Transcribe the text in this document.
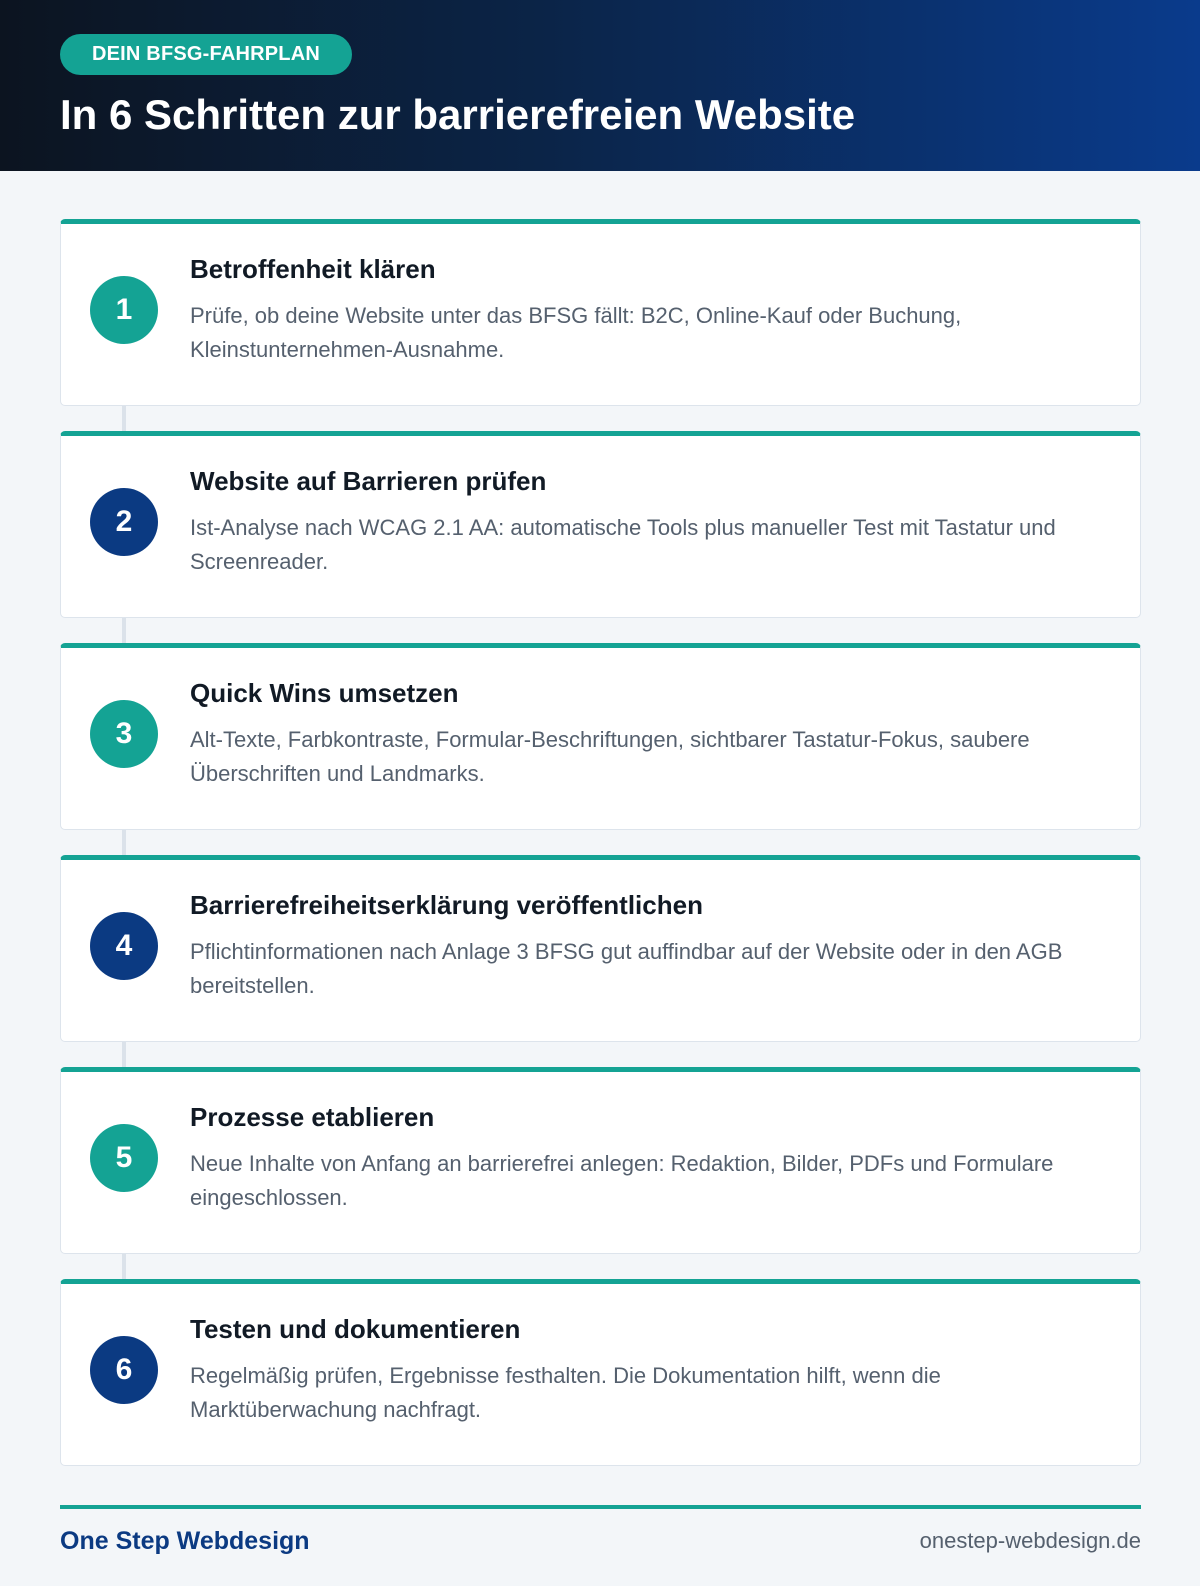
DEIN BFSG-FAHRPLAN
In 6 Schritten zur barrierefreien Website
1
Betroffenheit klären

Prüfe, ob deine Website unter das BFSG fällt: B2C, Online-Kauf oder Buchung, Kleinstunternehmen-Ausnahme.

2
Website auf Barrieren prüfen

Ist-Analyse nach WCAG 2.1 AA: automatische Tools plus manueller Test mit Tastatur und Screenreader.

3
Quick Wins umsetzen

Alt-Texte, Farbkontraste, Formular-Beschriftungen, sichtbarer Tastatur-Fokus, saubere Überschriften und Landmarks.

4
Barrierefreiheitserklärung veröffentlichen

Pflichtinformationen nach Anlage 3 BFSG gut auffindbar auf der Website oder in den AGB bereitstellen.

5
Prozesse etablieren

Neue Inhalte von Anfang an barrierefrei anlegen: Redaktion, Bilder, PDFs und Formulare eingeschlossen.

6
Testen und dokumentieren

Regelmäßig prüfen, Ergebnisse festhalten. Die Dokumentation hilft, wenn die Marktüberwachung nachfragt.

One Step Webdesign	onestep-webdesign.de
